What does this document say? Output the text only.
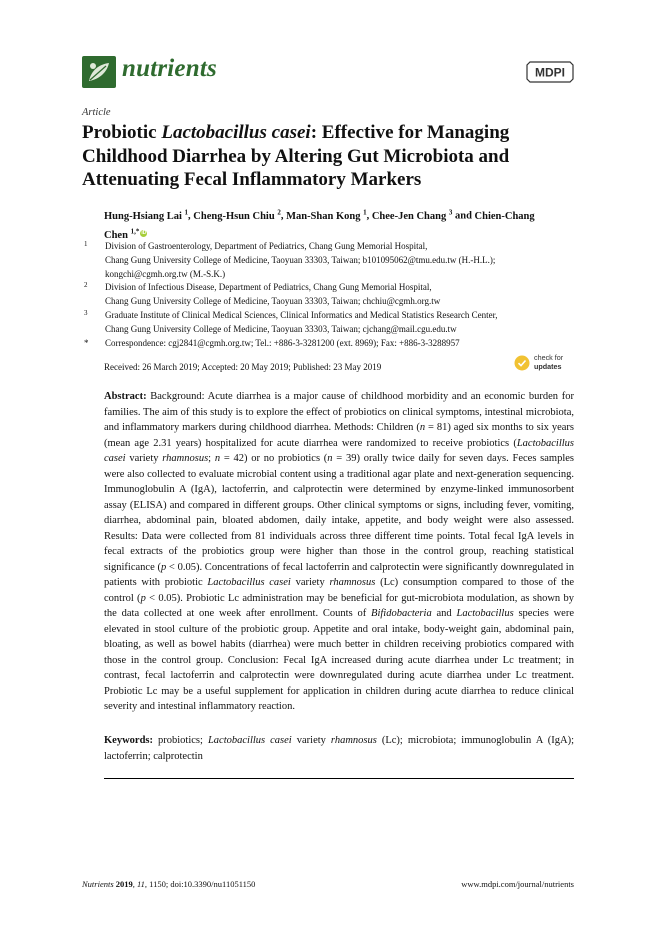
nutrients	MDPI
Article
Probiotic Lactobacillus casei: Effective for Managing Childhood Diarrhea by Altering Gut Microbiota and Attenuating Fecal Inflammatory Markers
Hung-Hsiang Lai $^1$, Cheng-Hsun Chiu $^2$, Man-Shan Kong $^1$, Chee-Jen Chang $^3$ and Chien-Chang Chen $^{1,*}$ iD
1 Division of Gastroenterology, Department of Pediatrics, Chang Gung Memorial Hospital,
Chang Gung University College of Medicine, Taoyuan 33303, Taiwan; b101095062@tmu.edu.tw (H.-H.L.);
kongchi@cgmh.org.tw (M.-S.K.)
2 Division of Infectious Disease, Department of Pediatrics, Chang Gung Memorial Hospital,
Chang Gung University College of Medicine, Taoyuan 33303, Taiwan; chchiu@cgmh.org.tw
3 Graduate Institute of Clinical Medical Sciences, Clinical Informatics and Medical Statistics Research Center,
Chang Gung University College of Medicine, Taoyuan 33303, Taiwan; cjchang@mail.cgu.edu.tw
* Correspondence: cgj2841@cgmh.org.tw; Tel.: +886-3-3281200 (ext. 8969); Fax: +886-3-3288957
Received: 26 March 2019; Accepted: 20 May 2019; Published: 23 May 2019
check for
updates
Abstract: Background: Acute diarrhea is a major cause of childhood morbidity and an economic burden for families. The aim of this study is to explore the effect of probiotics on clinical symptoms, intestinal microbiota, and inflammatory markers during childhood diarrhea. Methods: Children (n = 81) aged six months to six years (mean age 2.31 years) hospitalized for acute diarrhea were randomized to receive probiotics (Lactobacillus casei variety rhamnosus; n = 42) or no probiotics (n = 39) orally twice daily for seven days. Feces samples were also collected to evaluate microbial content using a traditional agar plate and next-generation sequencing. Immunoglobulin A (IgA), lactoferrin, and calprotectin were determined by enzyme-linked immunosorbent assay (ELISA) and compared in different groups. Other clinical symptoms or signs, including fever, vomiting, diarrhea, abdominal pain, bloated abdomen, daily intake, appetite, and body weight were also assessed. Results: Data were collected from 81 individuals across three different time points. Total fecal IgA levels in fecal extracts of the probiotics group were higher than those in the control group, reaching statistical significance (p < 0.05). Concentrations of fecal lactoferrin and calprotectin were significantly downregulated in patients with probiotic Lactobacillus casei variety rhamnosus (Lc) consumption compared to those of the control (p < 0.05). Probiotic Lc administration may be beneficial for gut-microbiota modulation, as shown by the data collected at one week after enrollment. Counts of Bifidobacteria and Lactobacillus species were elevated in stool culture of the probiotic group. Appetite and oral intake, body-weight gain, abdominal pain, bloating, as well as bowel habits (diarrhea) were much better in children receiving probiotics compared with those in the control group. Conclusion: Fecal IgA increased during acute diarrhea under Lc treatment; in contrast, fecal lactoferrin and calprotectin were downregulated during acute diarrhea under Lc treatment. Probiotic Lc may be a useful supplement for application in children during acute diarrhea to reduce clinical severity and intestinal inflammatory reaction.
Keywords: probiotics; Lactobacillus casei variety rhamnosus (Lc); microbiota; immunoglobulin A (IgA); lactoferrin; calprotectin
Nutrients 2019, 11, 1150; doi:10.3390/nu11051150	www.mdpi.com/journal/nutrients
